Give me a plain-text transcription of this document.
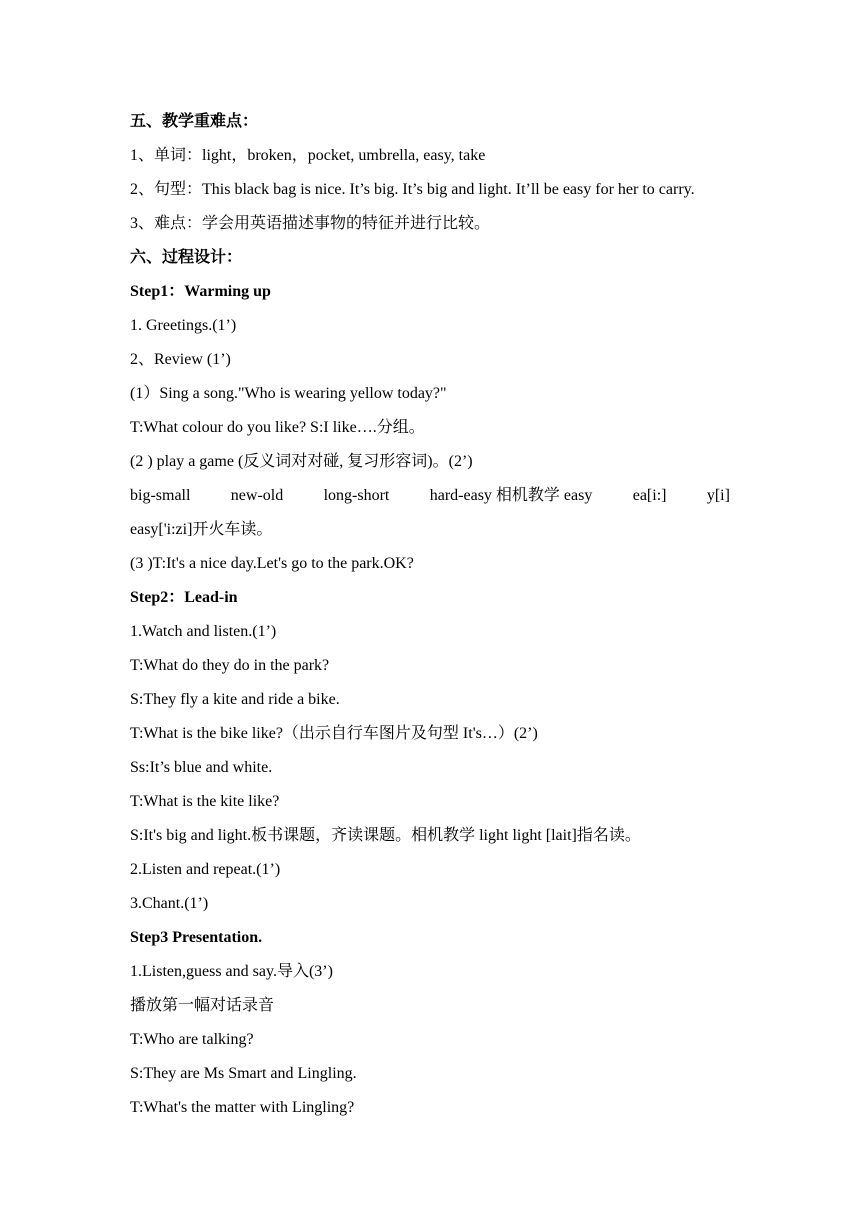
五、教学重难点：
1、单词：light，broken，pocket, umbrella, easy, take
2、句型：This black bag is nice. It’s big. It’s big and light. It’ll be easy for her to carry.
3、难点：学会用英语描述事物的特征并进行比较。
六、过程设计：
Step1：Warming up
1. Greetings.(1’)
2、Review (1’)
(1）Sing a song."Who is wearing yellow today?"
T:What colour do you like? S:I like….分组。
(2 ) play a game (反义词对对碰, 复习形容词)。(2’)
big-small	new-old	long-short	hard-easy 相机教学 easy	ea[i:]	y[i]
easy['i:zi]开火车读。
(3 )T:It's a nice day.Let's go to the park.OK?
Step2：Lead-in
1.Watch and listen.(1’)
T:What do they do in the park?
S:They fly a kite and ride a bike.
T:What is the bike like?（出示自行车图片及句型 It's…）(2’)
Ss:It’s blue and white.
T:What is the kite like?
S:It's big and light.板书课题，齐读课题。相机教学 light light [lait]指名读。
2.Listen and repeat.(1’)
3.Chant.(1’)
Step3 Presentation.
1.Listen,guess and say.导入(3’)
播放第一幅对话录音
T:Who are talking?
S:They are Ms Smart and Lingling.
T:What's the matter with Lingling?
